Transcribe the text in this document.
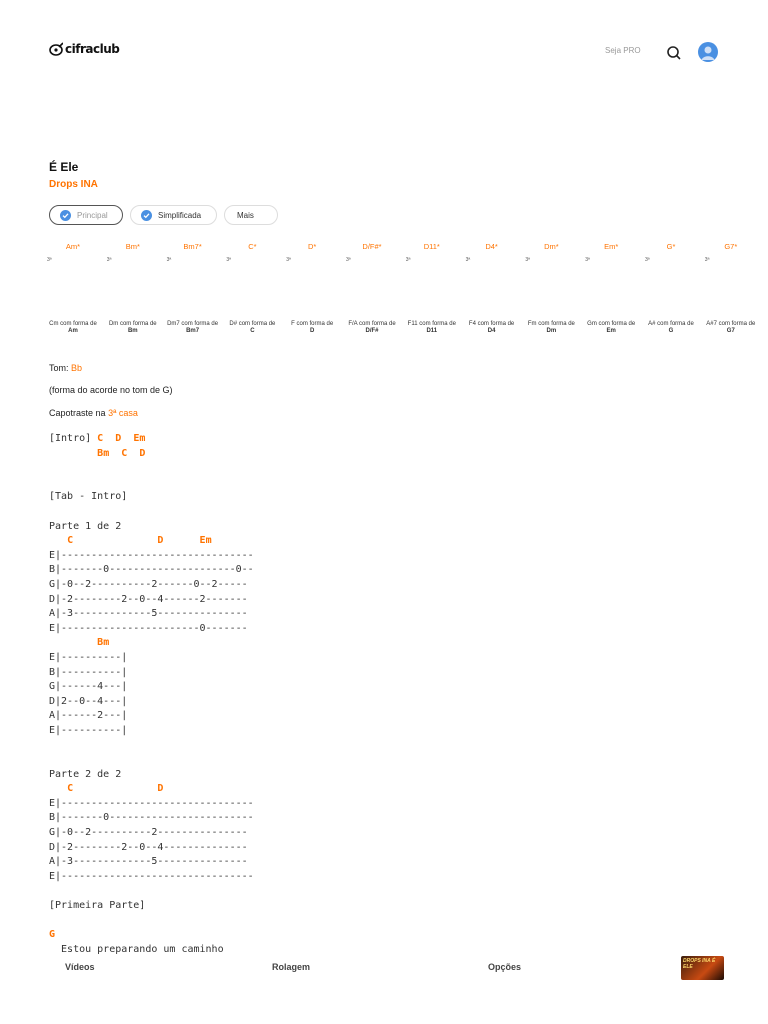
cifraclub	Seja PRO
É Ele
Drops INA
Principal	Simplificada	Mais
Am*
3ª
Cm com forma de
Am
Bm*
3ª
Dm com forma de
Bm
Bm7*
3ª
Dm7 com forma de
Bm7
C*
3ª
D# com forma de
C
D*
3ª
F com forma de
D
D/F#*
3ª
F/A com forma de
D/F#
D11*
3ª
F11 com forma de
D11
D4*
3ª
F4 com forma de
D4
Dm*
3ª
Fm com forma de
Dm
Em*
3ª
Gm com forma de
Em
G*
3ª
A# com forma de
G
G7*
3ª
A#7 com forma de
G7
Tom: Bb
(forma do acorde no tom de G)
Capotraste na 3ª casa
[Intro] C D Em
Bm C D

[Tab - Intro]

Parte 1 de 2
C	D	Em
E|--------------------------------
B|-------0---------------------0--
G|-0--2----------2------0--2-----
D|-2--------2--0--4------2-------
A|-3-------------5---------------
E|-----------------------0-------
Bm
E|----------|
B|----------|
G|------4---|
D|2--0--4---|
A|------2---|
E|----------|

Parte 2 de 2
C	D
E|--------------------------------
B|-------0------------------------
G|-0--2----------2---------------
D|-2--------2--0--4--------------
A|-3-------------5---------------
E|--------------------------------

[Primeira Parte]

G
Estou preparando um caminho

Vídeos	Rolagem	Opções
DROPS INA É ELE
